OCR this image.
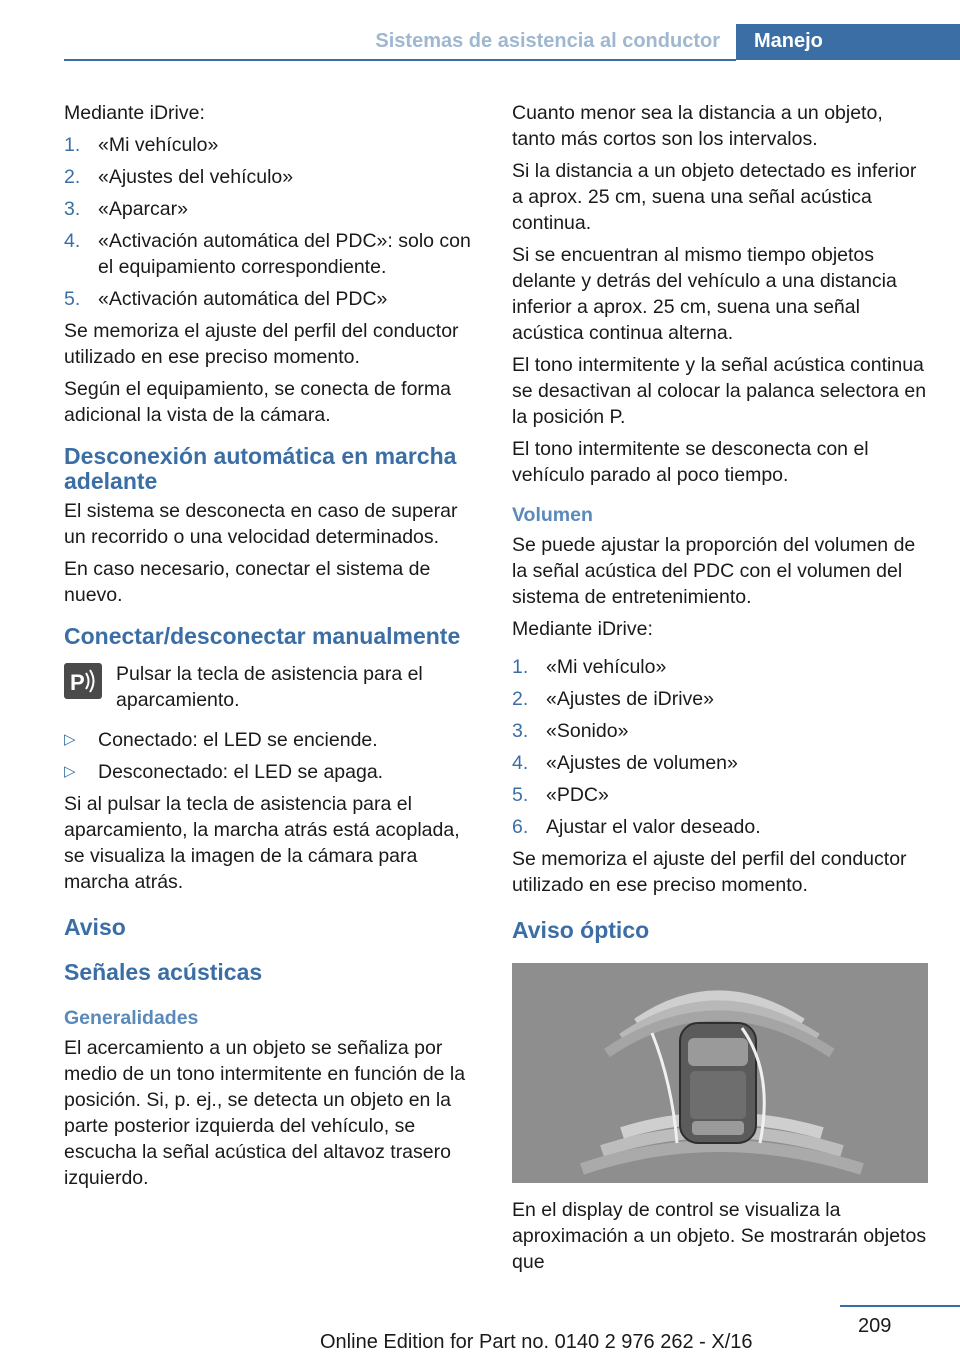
Sistemas de asistencia al conductor	Manejo

Mediante iDrive:

1. «Mi vehículo»
2. «Ajustes del vehículo»
3. «Aparcar»
4. «Activación automática del PDC»: solo con el equipamiento correspondiente.
5. «Activación automática del PDC»

Se memoriza el ajuste del perfil del conductor utilizado en ese preciso momento.

Según el equipamiento, se conecta de forma adicional la vista de la cámara.

Desconexión automática en marcha adelante

El sistema se desconecta en caso de superar un recorrido o una velocidad determinados.

En caso necesario, conectar el sistema de nuevo.

Conectar/desconectar manualmente
P Pulsar la tecla de asistencia para el aparcamiento.
▷ Conectado: el LED se enciende.
▷ Desconectado: el LED se apaga.

Si al pulsar la tecla de asistencia para el aparcamiento, la marcha atrás está acoplada, se visualiza la imagen de la cámara para marcha atrás.

Aviso
Señales acústicas
Generalidades

El acercamiento a un objeto se señaliza por medio de un tono intermitente en función de la posición. Si, p. ej., se detecta un objeto en la parte posterior izquierda del vehículo, se escucha la señal acústica del altavoz trasero izquierdo.

Cuanto menor sea la distancia a un objeto, tanto más cortos son los intervalos.

Si la distancia a un objeto detectado es inferior a aprox. 25 cm, suena una señal acústica continua.

Si se encuentran al mismo tiempo objetos delante y detrás del vehículo a una distancia inferior a aprox. 25 cm, suena una señal acústica continua alterna.

El tono intermitente y la señal acústica continua se desactivan al colocar la palanca selectora en la posición P.

El tono intermitente se desconecta con el vehículo parado al poco tiempo.

Volumen

Se puede ajustar la proporción del volumen de la señal acústica del PDC con el volumen del sistema de entretenimiento.

Mediante iDrive:

1. «Mi vehículo»
2. «Ajustes de iDrive»
3. «Sonido»
4. «Ajustes de volumen»
5. «PDC»
6. Ajustar el valor deseado.

Se memoriza el ajuste del perfil del conductor utilizado en ese preciso momento.

Aviso óptico

En el display de control se visualiza la aproximación a un objeto. Se mostrarán objetos que

209
Online Edition for Part no. 0140 2 976 262 - X/16
